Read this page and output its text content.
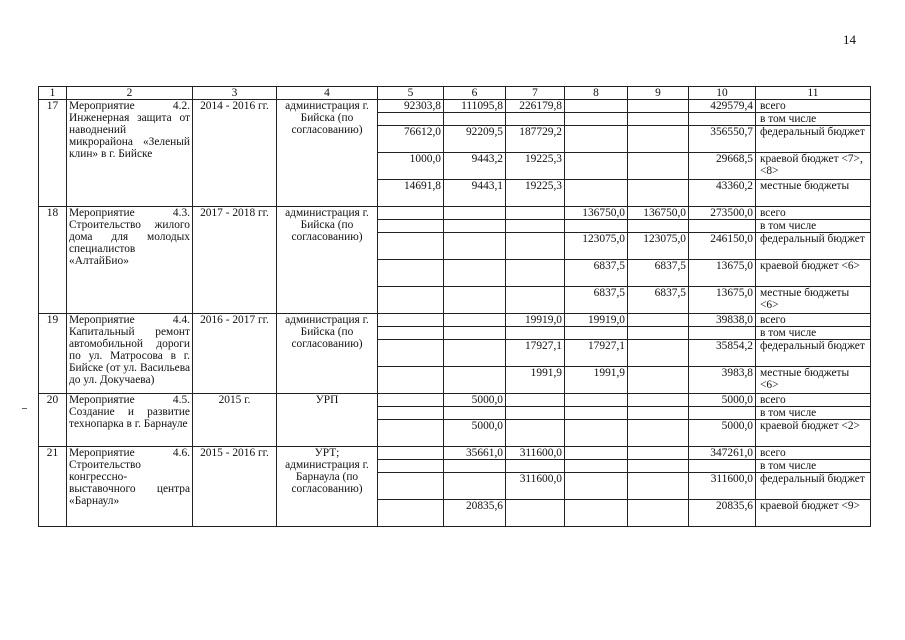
14
1	2	3	4	5	6	7	8	9	10	11
17	Мероприятие 4.2. Инженерная защита от наводнений микрорайона «Зеленый клин» в г. Бийске	2014 - 2016 гг.	администрация г. Бийска (по согласованию)	92303,8	111095,8	226179,8			429579,4	всего
										в том числе
				76612,0	92209,5	187729,2			356550,7	федеральный бюджет
				1000,0	9443,2	19225,3			29668,5	краевой бюджет <7>, <8>
				14691,8	9443,1	19225,3			43360,2	местные бюджеты
18	Мероприятие 4.3. Строительство жилого дома для молодых специалистов «АлтайБио»	2017 - 2018 гг.	администрация г. Бийска (по согласованию)				136750,0	136750,0	273500,0	всего
										в том числе
							123075,0	123075,0	246150,0	федеральный бюджет
							6837,5	6837,5	13675,0	краевой бюджет <6>
							6837,5	6837,5	13675,0	местные бюджеты <6>
19	Мероприятие 4.4. Капитальный ремонт автомобильной дороги по ул. Матросова в г. Бийске (от ул. Васильева до ул. Докучаева)	2016 - 2017 гг.	администрация г. Бийска (по согласованию)			19919,0	19919,0		39838,0	всего
										в том числе
						17927,1	17927,1		35854,2	федеральный бюджет
						1991,9	1991,9		3983,8	местные бюджеты <6>
20	Мероприятие 4.5. Создание и развитие технопарка в г. Барнауле	2015 г.	УРП		5000,0				5000,0	всего
										в том числе
					5000,0				5000,0	краевой бюджет <2>
21	Мероприятие 4.6. Строительство конгрессно-выставочного центра «Барнаул»	2015 - 2016 гг.	УРТ; администрация г. Барнаула (по согласованию)		35661,0	311600,0			347261,0	всего
										в том числе
						311600,0			311600,0	федеральный бюджет
					20835,6				20835,6	краевой бюджет <9>
